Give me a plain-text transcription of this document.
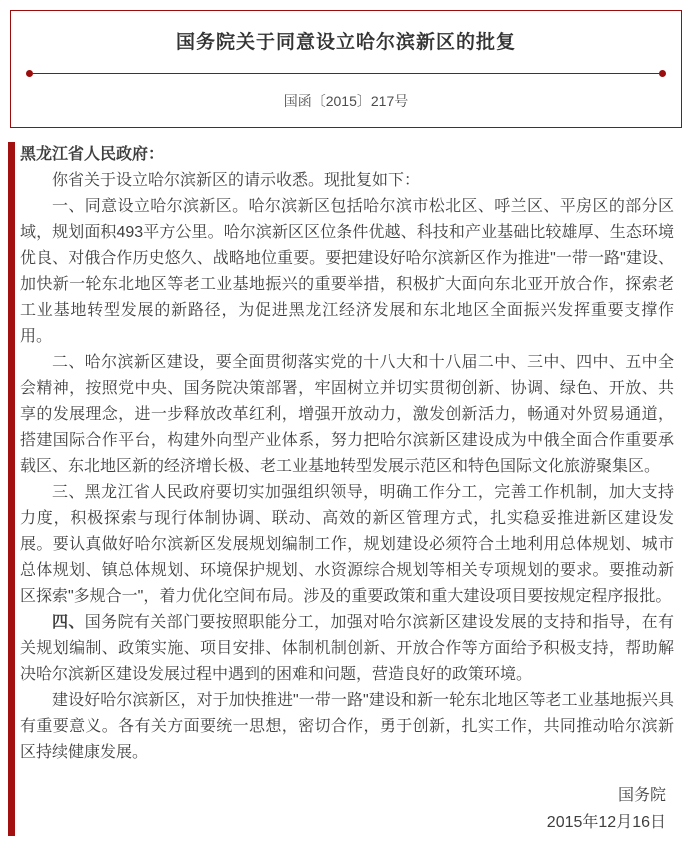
国务院关于同意设立哈尔滨新区的批复
国函〔2015〕217号

黑龙江省人民政府：

你省关于设立哈尔滨新区的请示收悉。现批复如下：

一、同意设立哈尔滨新区。哈尔滨新区包括哈尔滨市松北区、呼兰区、平房区的部分区域，规划面积493平方公里。哈尔滨新区区位条件优越、科技和产业基础比较雄厚、生态环境优良、对俄合作历史悠久、战略地位重要。要把建设好哈尔滨新区作为推进"一带一路"建设、加快新一轮东北地区等老工业基地振兴的重要举措，积极扩大面向东北亚开放合作，探索老工业基地转型发展的新路径，为促进黑龙江经济发展和东北地区全面振兴发挥重要支撑作用。

二、哈尔滨新区建设，要全面贯彻落实党的十八大和十八届二中、三中、四中、五中全会精神，按照党中央、国务院决策部署，牢固树立并切实贯彻创新、协调、绿色、开放、共享的发展理念，进一步释放改革红利，增强开放动力，激发创新活力，畅通对外贸易通道，搭建国际合作平台，构建外向型产业体系，努力把哈尔滨新区建设成为中俄全面合作重要承载区、东北地区新的经济增长极、老工业基地转型发展示范区和特色国际文化旅游聚集区。

三、黑龙江省人民政府要切实加强组织领导，明确工作分工，完善工作机制，加大支持力度，积极探索与现行体制协调、联动、高效的新区管理方式，扎实稳妥推进新区建设发展。要认真做好哈尔滨新区发展规划编制工作，规划建设必须符合土地利用总体规划、城市总体规划、镇总体规划、环境保护规划、水资源综合规划等相关专项规划的要求。要推动新区探索"多规合一"，着力优化空间布局。涉及的重要政策和重大建设项目要按规定程序报批。

四、国务院有关部门要按照职能分工，加强对哈尔滨新区建设发展的支持和指导，在有关规划编制、政策实施、项目安排、体制机制创新、开放合作等方面给予积极支持，帮助解决哈尔滨新区建设发展过程中遇到的困难和问题，营造良好的政策环境。

建设好哈尔滨新区，对于加快推进"一带一路"建设和新一轮东北地区等老工业基地振兴具有重要意义。各有关方面要统一思想，密切合作，勇于创新，扎实工作，共同推动哈尔滨新区持续健康发展。

国务院
2015年12月16日
